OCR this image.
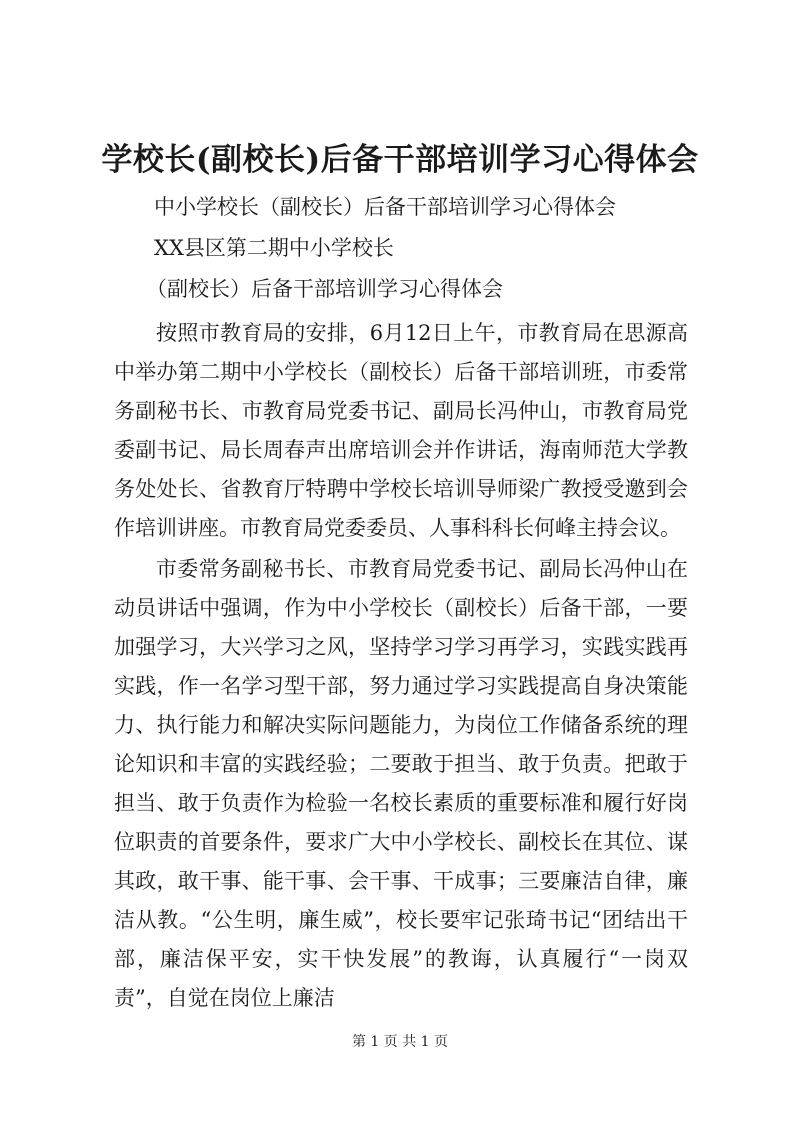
学校长(副校长)后备干部培训学习心得体会

中小学校长（副校长）后备干部培训学习心得体会

XX县区第二期中小学校长

（副校长）后备干部培训学习心得体会

按照市教育局的安排，6月12日上午，市教育局在思源高中举办第二期中小学校长（副校长）后备干部培训班，市委常务副秘书长、市教育局党委书记、副局长冯仲山，市教育局党委副书记、局长周春声出席培训会并作讲话，海南师范大学教务处处长、省教育厅特聘中学校长培训导师梁广教授受邀到会作培训讲座。市教育局党委委员、人事科科长何峰主持会议。

市委常务副秘书长、市教育局党委书记、副局长冯仲山在动员讲话中强调，作为中小学校长（副校长）后备干部，一要加强学习，大兴学习之风，坚持学习学习再学习，实践实践再实践，作一名学习型干部，努力通过学习实践提高自身决策能力、执行能力和解决实际问题能力，为岗位工作储备系统的理论知识和丰富的实践经验；二要敢于担当、敢于负责。把敢于担当、敢于负责作为检验一名校长素质的重要标准和履行好岗位职责的首要条件，要求广大中小学校长、副校长在其位、谋其政，敢干事、能干事、会干事、干成事；三要廉洁自律，廉洁从教。“公生明，廉生威”，校长要牢记张琦书记“团结出干部，廉洁保平安，实干快发展”的教诲，认真履行“一岗双责”，自觉在岗位上廉洁

第 1 页 共 1 页
